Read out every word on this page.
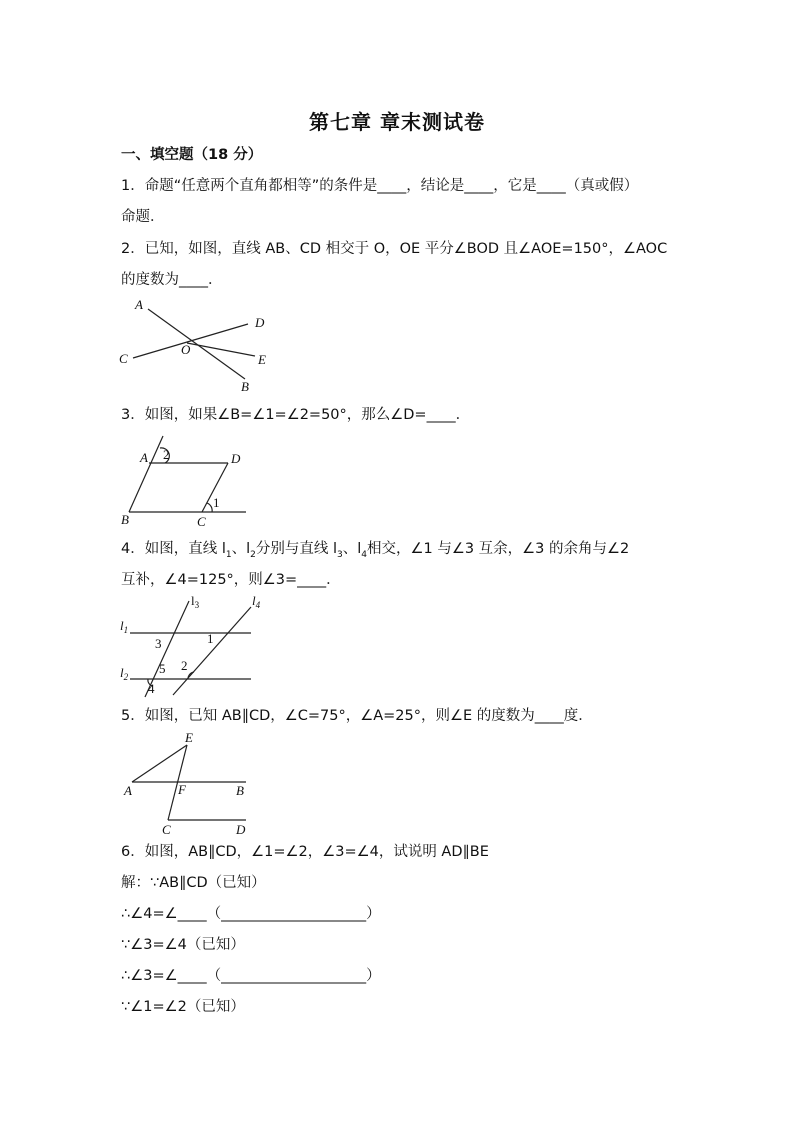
第七章 章末测试卷
一、填空题（18 分）
1．命题“任意两个直角都相等”的条件是____，结论是____，它是____（真或假）
命题．
2．已知，如图，直线 AB、CD 相交于 O，OE 平分∠BOD 且∠AOE=150°，∠AOC
的度数为____．
A
C
O
D
E
B
3．如图，如果∠B=∠1=∠2=50°，那么∠D=____．
A 2	D
1
B	C
4．如图，直线 $l_1$、$l_2$分别与直线 $l_3$、$l_4$相交，∠1 与∠3 互余，∠3 的余角与∠2
互补，∠4=125°，则∠3=____．
$l_1$
$l_2$
$l_3$	$l_4$
1
3
5 2
4
5．如图，已知 AB∥CD，∠C=75°，∠A=25°，则∠E 的度数为____度．
E
A	F	B
C	D
6．如图，AB∥CD，∠1=∠2，∠3=∠4，试说明 AD∥BE
解：∵AB∥CD（已知）
∴∠4=∠____（____________________）
∵∠3=∠4（已知）
∴∠3=∠____（____________________）
∵∠1=∠2（已知）
